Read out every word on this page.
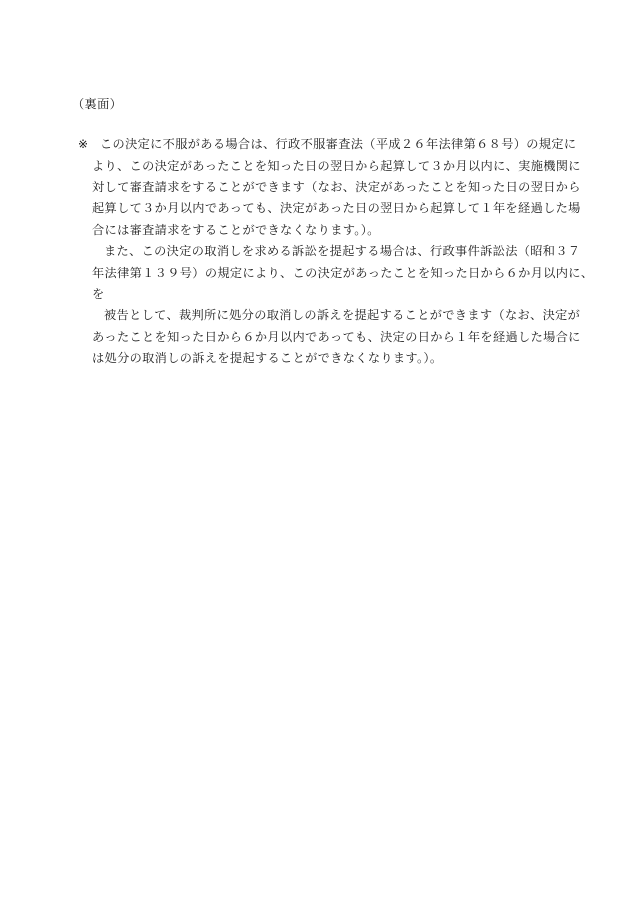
（裏面）
※ この決定に不服がある場合は、行政不服審査法（平成２６年法律第６８号）の規定に
より、この決定があったことを知った日の翌日から起算して３か月以内に、実施機関に
対して審査請求をすることができます（なお、決定があったことを知った日の翌日から
起算して３か月以内であっても、決定があった日の翌日から起算して１年を経過した場
合には審査請求をすることができなくなります。）。
また、この決定の取消しを求める訴訟を提起する場合は、行政事件訴訟法（昭和３７
年法律第１３９号）の規定により、この決定があったことを知った日から６か月以内に、
を
被告として、裁判所に処分の取消しの訴えを提起することができます（なお、決定が
あったことを知った日から６か月以内であっても、決定の日から１年を経過した場合に
は処分の取消しの訴えを提起することができなくなります。）。
